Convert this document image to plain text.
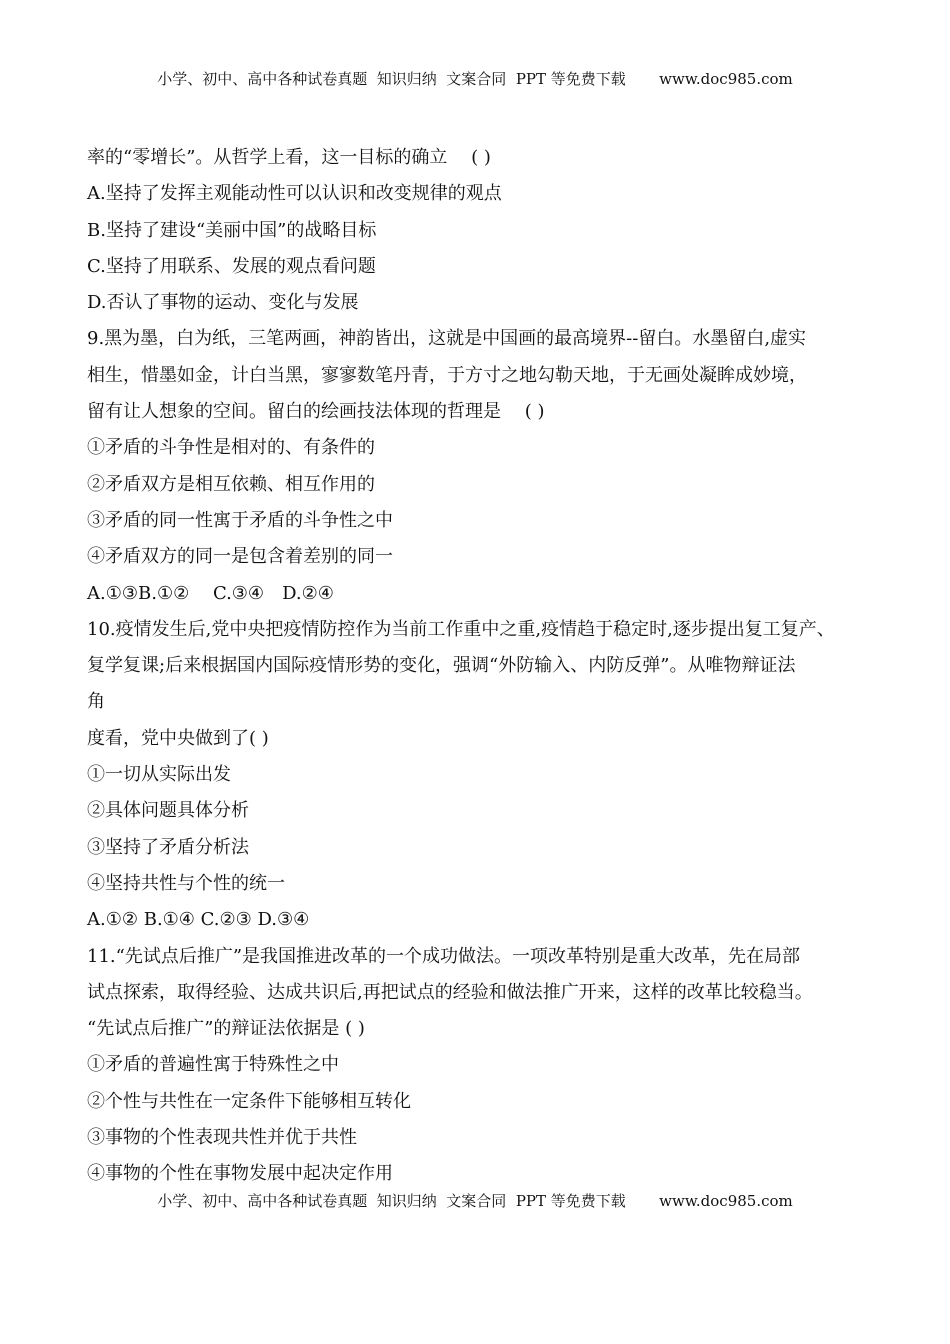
小学、初中、高中各种试卷真题  知识归纳  文案合同  PPT 等免费下载       www.doc985.com
率的“零增长”。从哲学上看，这一目标的确立　 ( )
A.坚持了发挥主观能动性可以认识和改变规律的观点
B.坚持了建设“美丽中国”的战略目标
C.坚持了用联系、发展的观点看问题
D.否认了事物的运动、变化与发展
9.黑为墨，白为纸，三笔两画，神韵皆出，这就是中国画的最高境界--留白。水墨留白,虚实
相生，惜墨如金，计白当黑，寥寥数笔丹青，于方寸之地勾勒天地，于无画处凝眸成妙境，
留有让人想象的空间。留白的绘画技法体现的哲理是　 ( )
①矛盾的斗争性是相对的、有条件的
②矛盾双方是相互依赖、相互作用的
③矛盾的同一性寓于矛盾的斗争性之中
④矛盾双方的同一是包含着差别的同一
A.①③B.①②　 C.③④　D.②④
10.疫情发生后,党中央把疫情防控作为当前工作重中之重,疫情趋于稳定时,逐步提出复工复产、
复学复课;后来根据国内国际疫情形势的变化，强调“外防输入、内防反弹”。从唯物辩证法
角
度看，党中央做到了( )
①一切从实际出发
②具体问题具体分析
③坚持了矛盾分析法
④坚持共性与个性的统一
A.①② B.①④ C.②③ D.③④
11.“先试点后推广”是我国推进改革的一个成功做法。一项改革特别是重大改革，先在局部
试点探索，取得经验、达成共识后,再把试点的经验和做法推广开来，这样的改革比较稳当。
“先试点后推广”的辩证法依据是 ( )
①矛盾的普遍性寓于特殊性之中
②个性与共性在一定条件下能够相互转化
③事物的个性表现共性并优于共性
④事物的个性在事物发展中起决定作用
小学、初中、高中各种试卷真题  知识归纳  文案合同  PPT 等免费下载       www.doc985.com
